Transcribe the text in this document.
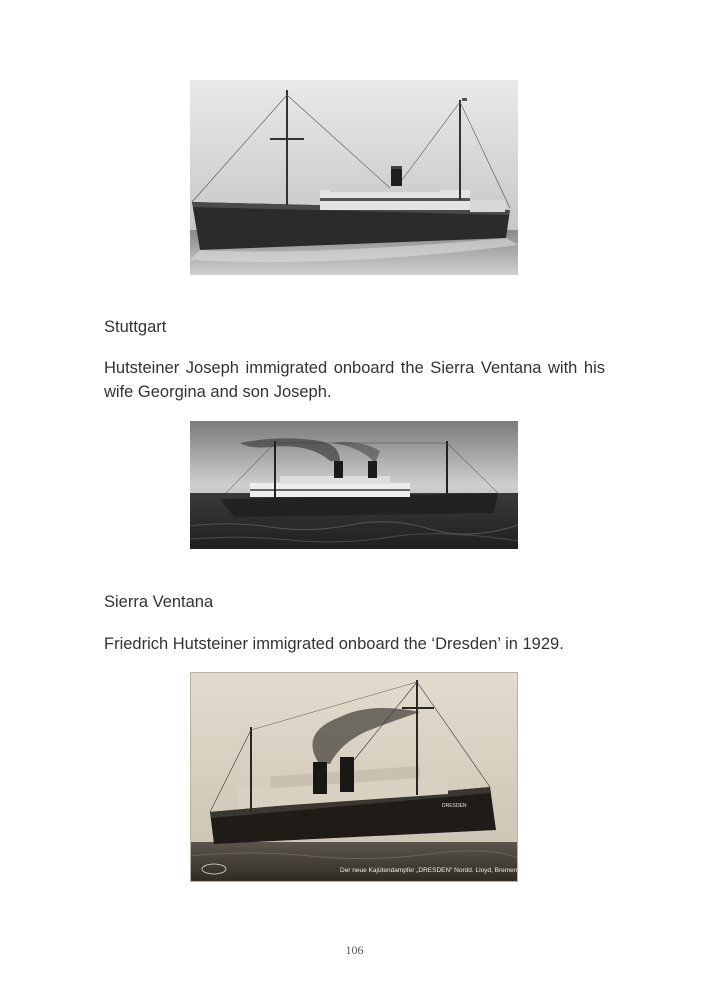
Stuttgart

Hutsteiner Joseph immigrated onboard the Sierra Ventana with his wife Georgina and son Joseph.

Sierra Ventana

Friedrich Hutsteiner immigrated onboard the ‘Dresden’ in 1929.

DRESDEN
Der neue Kajütendampfer „DRESDEN“ Nordd. Lloyd, Bremen
106
